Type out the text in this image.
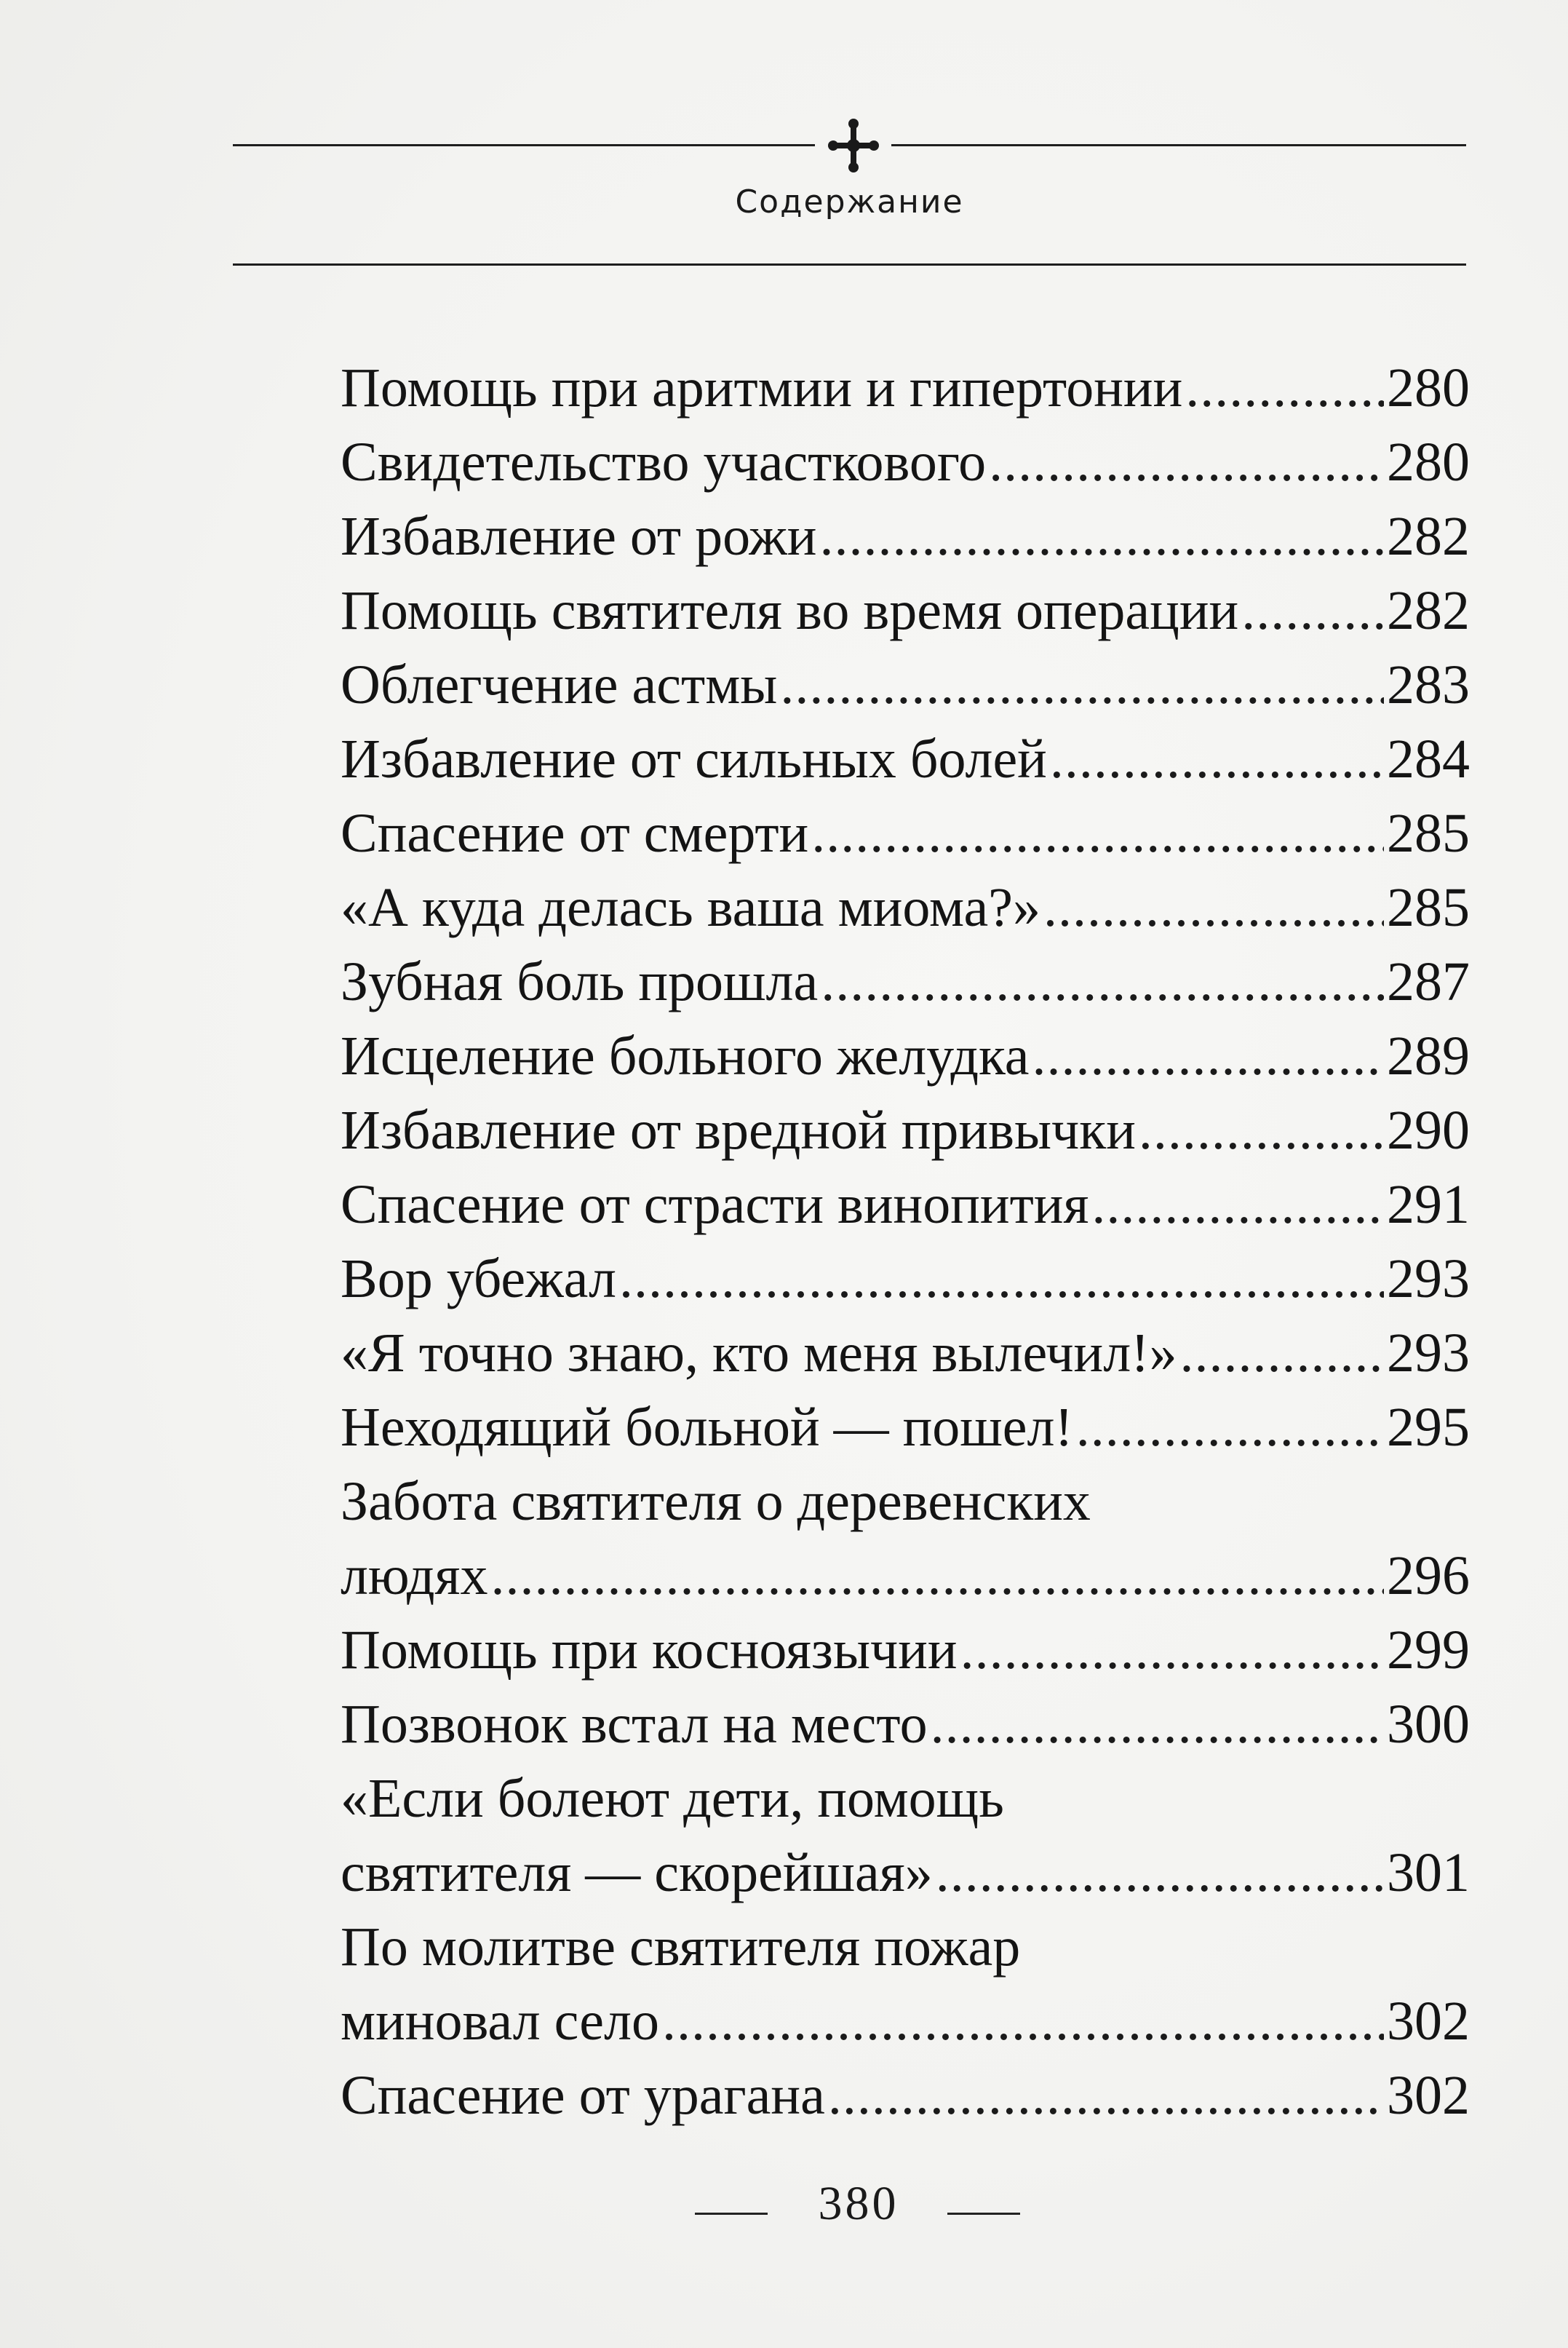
Содержание
Помощь при аритмии и гипертонии .....	280
Свидетельство участкового .....	280
Избавление от рожи .....	282
Помощь святителя во время операции .....	282
Облегчение астмы .....	283
Избавление от сильных болей .....	284
Спасение от смерти .....	285
«А куда делась ваша миома?» .....	285
Зубная боль прошла .....	287
Исцеление больного желудка .....	289
Избавление от вредной привычки .....	290
Спасение от страсти винопития .....	291
Вор убежал .....	293
«Я точно знаю, кто меня вылечил!» .....	293
Неходящий больной — пошел! .....	295
Забота святителя о деревенских
людях .....	296
Помощь при косноязычии .....	299
Позвонок встал на место .....	300
«Если болеют дети, помощь
святителя — скорейшая» .....	301
По молитве святителя пожар
миновал село .....	302
Спасение от урагана .....	302
380
